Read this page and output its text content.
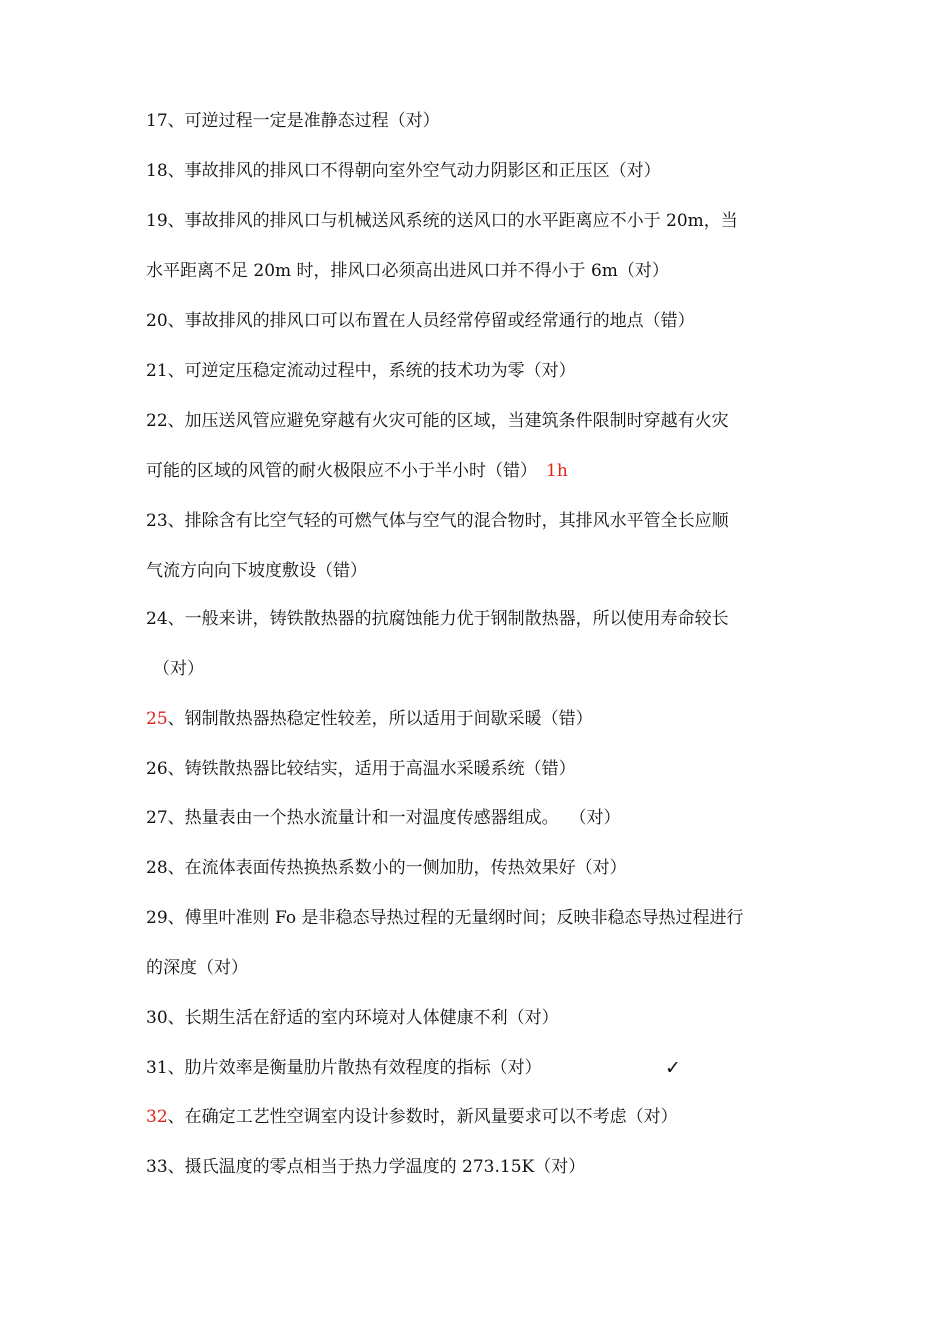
17、可逆过程一定是准静态过程（对）
18、事故排风的排风口不得朝向室外空气动力阴影区和正压区（对）
19、事故排风的排风口与机械送风系统的送风口的水平距离应不小于 20m，当
水平距离不足 20m 时，排风口必须高出进风口并不得小于 6m（对）
20、事故排风的排风口可以布置在人员经常停留或经常通行的地点（错）
21、可逆定压稳定流动过程中，系统的技术功为零（对）
22、加压送风管应避免穿越有火灾可能的区域，当建筑条件限制时穿越有火灾
可能的区域的风管的耐火极限应不小于半小时（错） 1h
23、排除含有比空气轻的可燃气体与空气的混合物时，其排风水平管全长应顺
气流方向向下坡度敷设（错）
24、一般来讲，铸铁散热器的抗腐蚀能力优于钢制散热器，所以使用寿命较长
（对）
25、钢制散热器热稳定性较差，所以适用于间歇采暖（错）
26、铸铁散热器比较结实，适用于高温水采暖系统（错）
27、热量表由一个热水流量计和一对温度传感器组成。  （对）
28、在流体表面传热换热系数小的一侧加肋，传热效果好（对）
29、傅里叶准则 Fo 是非稳态导热过程的无量纲时间；反映非稳态导热过程进行
的深度（对）
30、长期生活在舒适的室内环境对人体健康不利（对）
31、肋片效率是衡量肋片散热有效程度的指标（对）	✓
32、在确定工艺性空调室内设计参数时，新风量要求可以不考虑（对）
33、摄氏温度的零点相当于热力学温度的 273.15K（对）
